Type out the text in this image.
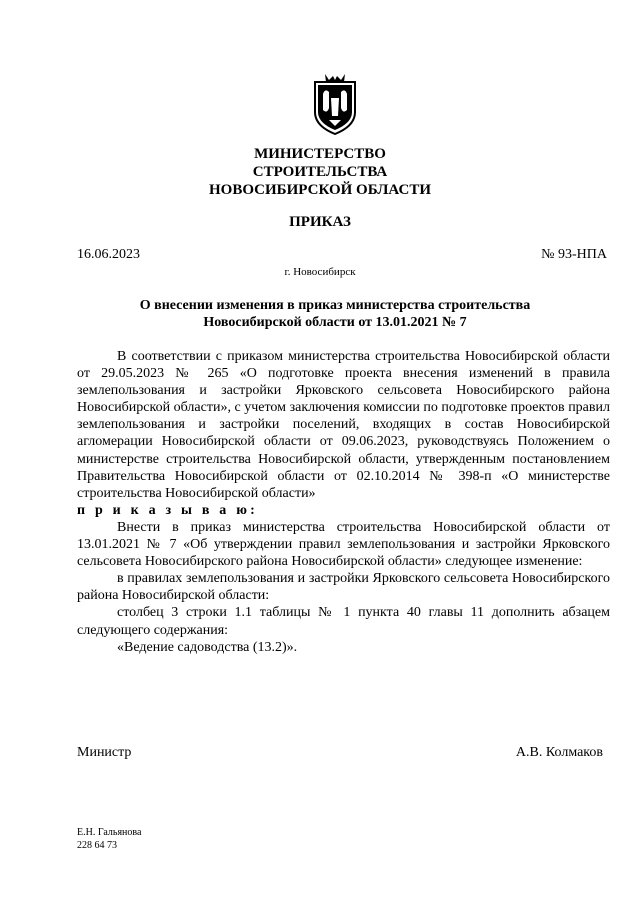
МИНИСТЕРСТВО
СТРОИТЕЛЬСТВА
НОВОСИБИРСКОЙ ОБЛАСТИ
ПРИКАЗ
16.06.2023	№ 93-НПА
г. Новосибирск
О внесении изменения в приказ министерства строительства
Новосибирской области от 13.01.2021 № 7

В соответствии с приказом министерства строительства Новосибирской области от 29.05.2023 № 265 «О подготовке проекта внесения изменений в правила землепользования и застройки Ярковского сельсовета Новосибирского района Новосибирской области», с учетом заключения комиссии по подготовке проектов правил землепользования и застройки поселений, входящих в состав Новосибирской агломерации Новосибирской области от 09.06.2023, руководствуясь Положением о министерстве строительства Новосибирской области, утвержденным постановлением Правительства Новосибирской области от 02.10.2014 № 398-п «О министерстве строительства Новосибирской области»

п р и к а з ы в а ю:

Внести в приказ министерства строительства Новосибирской области от 13.01.2021 № 7 «Об утверждении правил землепользования и застройки Ярковского сельсовета Новосибирского района Новосибирской области» следующее изменение:

в правилах землепользования и застройки Ярковского сельсовета Новосибирского района Новосибирской области:

столбец 3 строки 1.1 таблицы № 1 пункта 40 главы 11 дополнить абзацем следующего содержания:

«Ведение садоводства (13.2)».

Министр	А.В. Колмаков
Е.Н. Гальянова
228 64 73
